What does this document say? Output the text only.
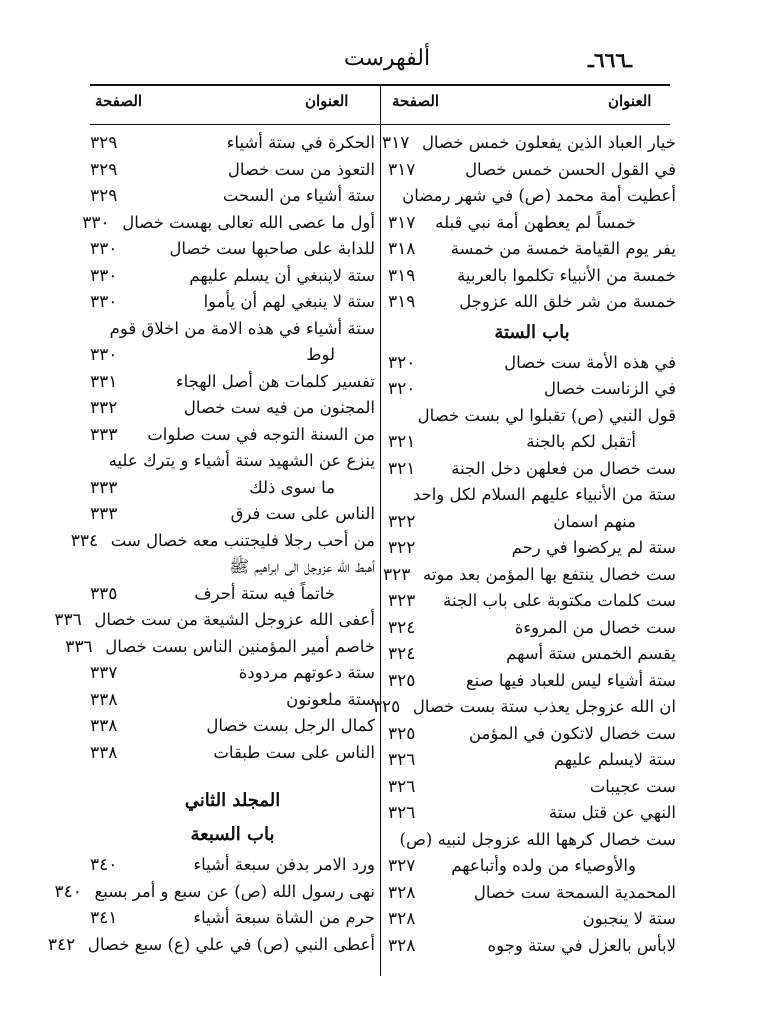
ـ٦٦٦ـ
ألفهرست
العنوان
الصفحة
العنوان
الصفحة
خيار العباد الذين يفعلون خمس خصال
٣١٧
في القول الحسن خمس خصال
٣١٧
أعطيت أمة محمد (ص) في شهر رمضان
خمساً لم يعطهن أمة نبي قبله
٣١٧
يفر يوم القيامة خمسة من خمسة
٣١٨
خمسة من الأنبياء تكلموا بالعربية
٣١٩
خمسة من شر خلق الله عزوجل
٣١٩
باب الستة
في هذه الأمة ست خصال
٣٢٠
في الزناست خصال
٣٢٠
قول النبي (ص) تقبلوا لي بست خصال
أتقبل لكم بالجنة
٣٢١
ست خصال من فعلهن دخل الجنة
٣٢١
ستة من الأنبياء عليهم السلام لكل واحد
منهم اسمان
٣٢٢
ستة لم يركضوا في رحم
٣٢٢
ست خصال ينتفع بها المؤمن بعد موته
٣٢٣
ست كلمات مكتوبة على باب الجنة
٣٢٣
ست خصال من المروءة
٣٢٤
يقسم الخمس ستة أسهم
٣٢٤
ستة أشياء ليس للعباد فيها صنع
٣٢٥
ان الله عزوجل يعذب ستة بست خصال
٣٢٥
ست خصال لاتكون في المؤمن
٣٢٥
ستة لايسلم عليهم
٣٢٦
ست عجيبات
٣٢٦
النهي عن قتل ستة
٣٢٦
ست خصال كرهها الله عزوجل لنبيه (ص)
والأوصياء من ولده وأتباعهم
٣٢٧
المحمدية السمحة ست خصال
٣٢٨
ستة لا ينجبون
٣٢٨
لابأس بالعزل في ستة وجوه
٣٢٨
الحكرة في ستة أشياء
٣٢٩
التعوذ من ست خصال
٣٢٩
ستة أشياء من السحت
٣٢٩
أول ما عصى الله تعالى بهست خصال
٣٣٠
للدابة على صاحبها ست خصال
٣٣٠
ستة لاينبغي أن يسلم عليهم
٣٣٠
ستة لا ينبغي لهم أن يأموا
٣٣٠
ستة أشياء في هذه الامة من اخلاق قوم
لوط
٣٣٠
تفسير كلمات هن أصل الهجاء
٣٣١
المجنون من فيه ست خصال
٣٣٢
من السنة التوجه في ست صلوات
٣٣٣
ينزع عن الشهيد ستة أشياء و يترك عليه
ما سوى ذلك
٣٣٣
الناس على ست فرق
٣٣٣
من أحب رجلا فليجتنب معه خصال ست
٣٣٤
أهبط الله عزوجل الى ابراهيم ﷺ
خاتماً فيه ستة أحرف
٣٣٥
أعفى الله عزوجل الشيعة من ست خصال
٣٣٦
خاصم أمير المؤمنين الناس بست خصال
٣٣٦
ستة دعوتهم مردودة
٣٣٧
ستة ملعونون
٣٣٨
كمال الرجل بست خصال
٣٣٨
الناس على ست طبقات
٣٣٨
المجلد الثاني
باب السبعة
ورد الامر بدفن سبعة أشياء
٣٤٠
نهى رسول الله (ص) عن سبع و أمر بسبع
٣٤٠
حرم من الشاة سبعة أشياء
٣٤١
أعطى النبي (ص) في علي (ع) سبع خصال
٣٤٢
